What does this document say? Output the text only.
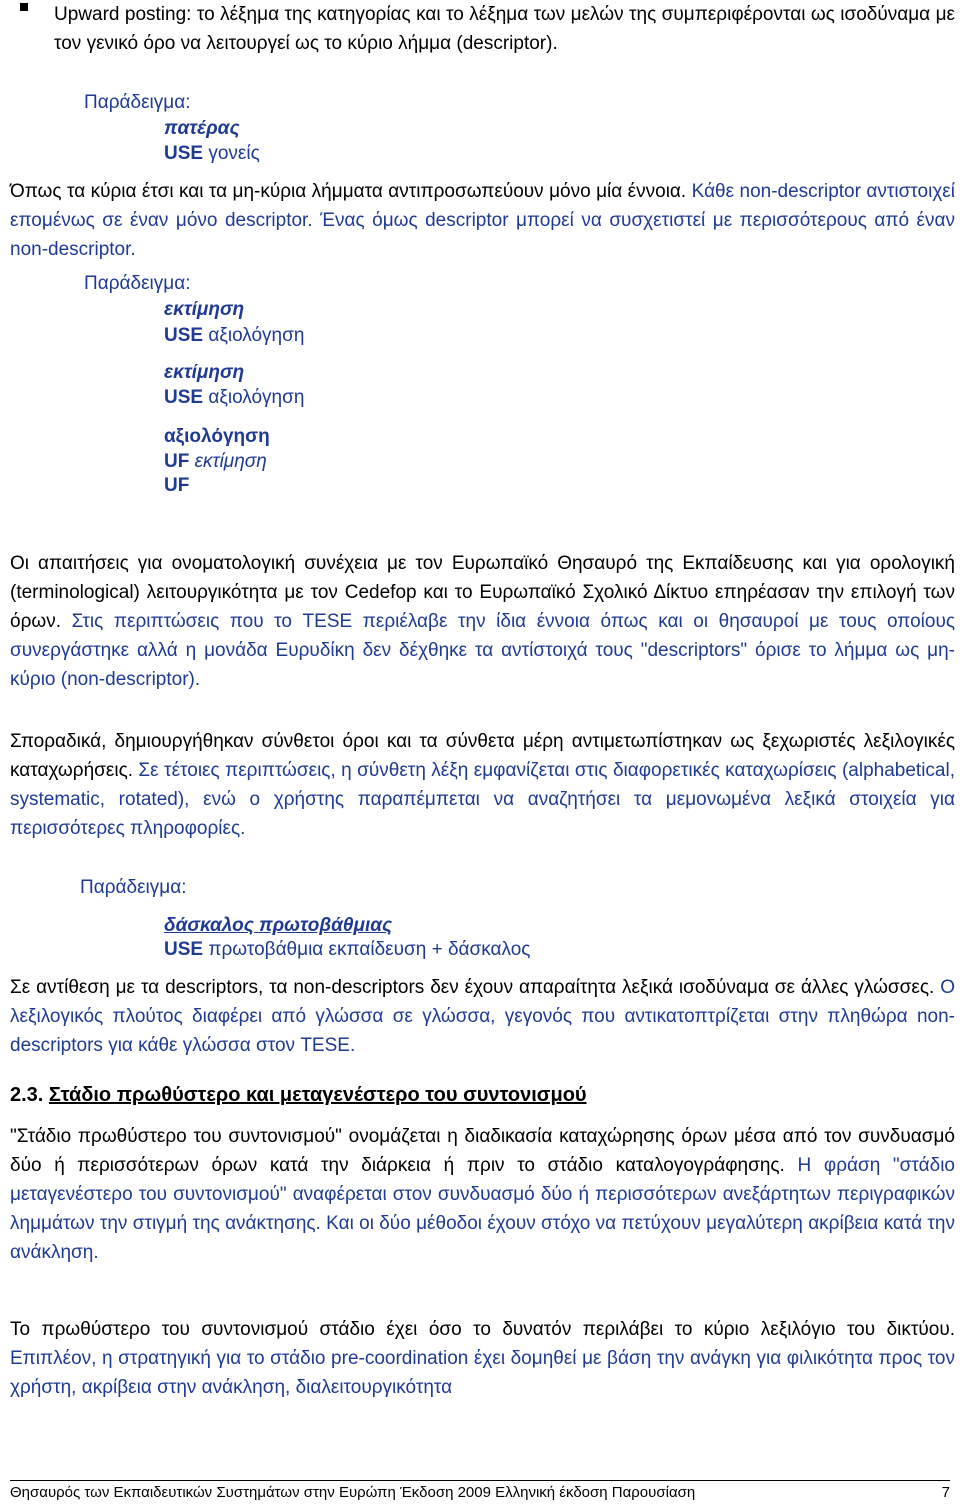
Upward posting: το λέξημα της κατηγορίας και το λέξημα των μελών της συμπεριφέρονται ως ισοδύναμα με τον γενικό όρο να λειτουργεί ως το κύριο λήμμα (descriptor).

Παράδειγμα:
πατέρας
USE γονείς

Όπως τα κύρια έτσι και τα μη-κύρια λήμματα αντιπροσωπεύουν μόνο μία έννοια. Κάθε non-descriptor αντιστοιχεί επομένως σε έναν μόνο descriptor. Ένας όμως descriptor μπορεί να συσχετιστεί με περισσότερους από έναν non-descriptor.

Παράδειγμα:
εκτίμηση
USE αξιολόγηση
εκτίμηση
USE αξιολόγηση
αξιολόγηση
UF εκτίμηση
UF

Οι απαιτήσεις για ονοματολογική συνέχεια με τον Ευρωπαϊκό Θησαυρό της Εκπαίδευσης και για ορολογική (terminological) λειτουργικότητα με τον Cedefop και το Ευρωπαϊκό Σχολικό Δίκτυο επηρέασαν την επιλογή των όρων. Στις περιπτώσεις που το TESE περιέλαβε την ίδια έννοια όπως και οι θησαυροί με τους οποίους συνεργάστηκε αλλά η μονάδα Ευρυδίκη δεν δέχθηκε τα αντίστοιχά τους "descriptors" όρισε το λήμμα ως μη-κύριο (non-descriptor).

Σποραδικά, δημιουργήθηκαν σύνθετοι όροι και τα σύνθετα μέρη αντιμετωπίστηκαν ως ξεχωριστές λεξιλογικές καταχωρήσεις. Σε τέτοιες περιπτώσεις, η σύνθετη λέξη εμφανίζεται στις διαφορετικές καταχωρίσεις (alphabetical, systematic, rotated), ενώ ο χρήστης παραπέμπεται να αναζητήσει τα μεμονωμένα λεξικά στοιχεία για περισσότερες πληροφορίες.

Παράδειγμα:
δάσκαλος πρωτοβάθμιας
USE πρωτοβάθμια εκπαίδευση + δάσκαλος

Σε αντίθεση με τα descriptors, τα non-descriptors δεν έχουν απαραίτητα λεξικά ισοδύναμα σε άλλες γλώσσες. Ο λεξιλογικός πλούτος διαφέρει από γλώσσα σε γλώσσα, γεγονός που αντικατοπτρίζεται στην πληθώρα non-descriptors για κάθε γλώσσα στον TESE.

2.3. Στάδιο πρωθύστερο και μεταγενέστερο του συντονισμού

"Στάδιο πρωθύστερο του συντονισμού" ονομάζεται η διαδικασία καταχώρησης όρων μέσα από τον συνδυασμό δύο ή περισσότερων όρων κατά την διάρκεια ή πριν το στάδιο καταλογογράφησης. Η φράση "στάδιο μεταγενέστερο του συντονισμού" αναφέρεται στον συνδυασμό δύο ή περισσότερων ανεξάρτητων περιγραφικών λημμάτων την στιγμή της ανάκτησης. Και οι δύο μέθοδοι έχουν στόχο να πετύχουν μεγαλύτερη ακρίβεια κατά την ανάκληση.

Το πρωθύστερο του συντονισμού στάδιο έχει όσο το δυνατόν περιλάβει το κύριο λεξιλόγιο του δικτύου. Επιπλέον, η στρατηγική για το στάδιο pre-coordination έχει δομηθεί με βάση την ανάγκη για φιλικότητα προς τον χρήστη, ακρίβεια στην ανάκληση, διαλειτουργικότητα

Θησαυρός των Εκπαιδευτικών Συστημάτων στην Ευρώπη Έκδοση 2009 Ελληνική έκδοση Παρουσίαση	7
